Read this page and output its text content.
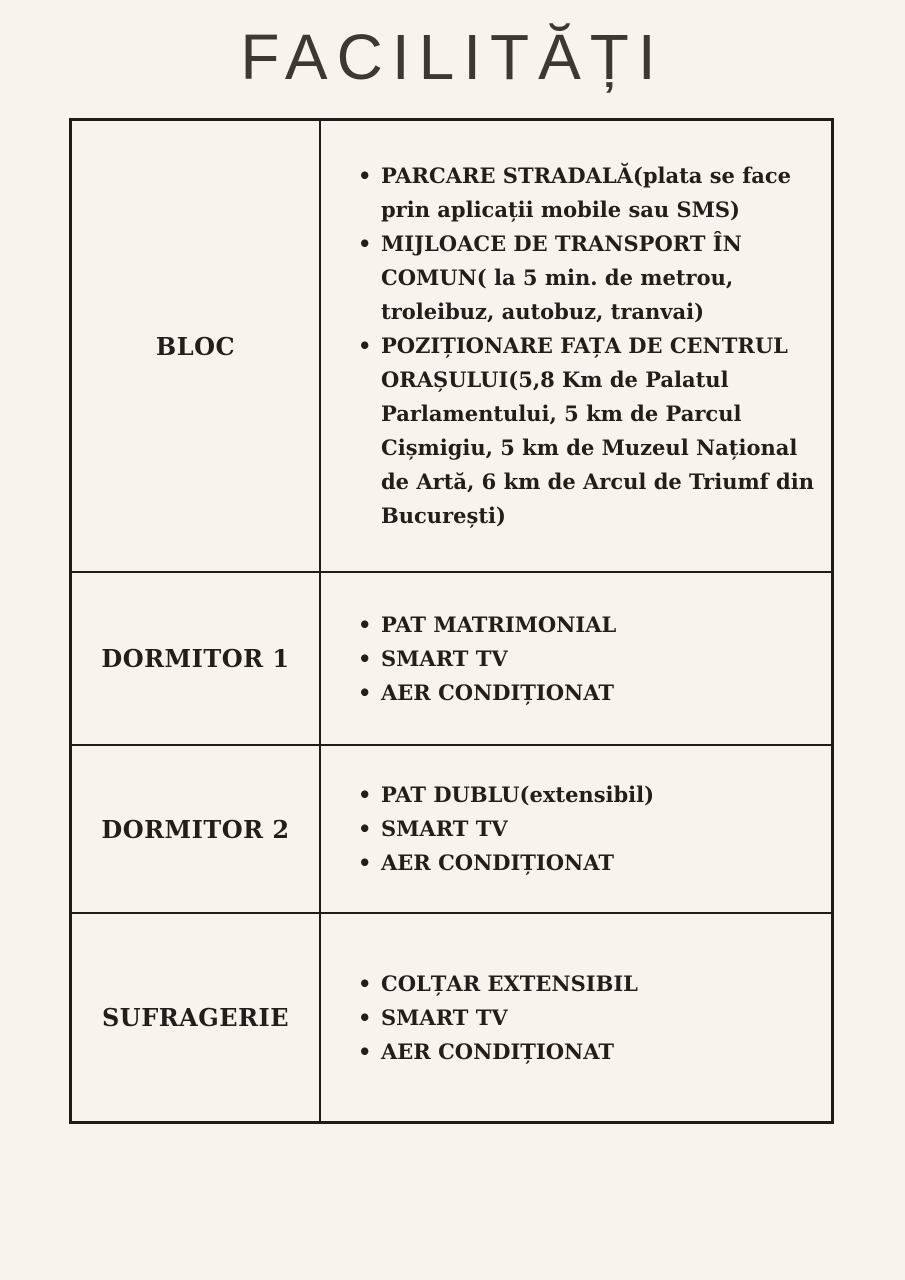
FACILITĂȚI
BLOC
• PARCARE STRADALĂ(plata se face prin aplicații mobile sau SMS)
• MIJLOACE DE TRANSPORT ÎN COMUN( la 5 min. de metrou, troleibuz, autobuz, tranvai)
• POZIȚIONARE FAȚA DE CENTRUL ORAȘULUI(5,8 Km de Palatul Parlamentului, 5 km de Parcul Cișmigiu, 5 km de Muzeul Național de Artă, 6 km de Arcul de Triumf din București)
DORMITOR 1
• PAT MATRIMONIAL
• SMART TV
• AER CONDIȚIONAT
DORMITOR 2
• PAT DUBLU(extensibil)
• SMART TV
• AER CONDIȚIONAT
SUFRAGERIE
• COLȚAR EXTENSIBIL
• SMART TV
• AER CONDIȚIONAT
